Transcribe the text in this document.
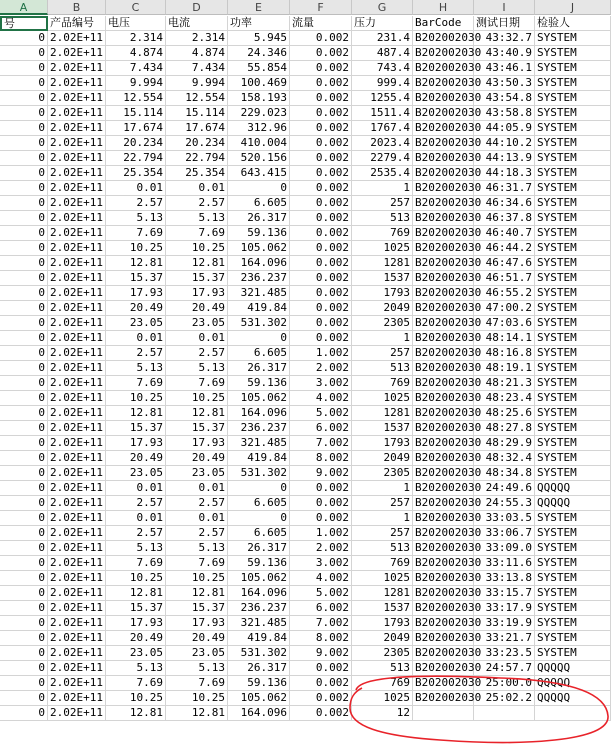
A	B	C	D	E	F	G	H	I	J
号	产品编号	电压	电流	功率	流量	压力	BarCode	测试日期	检验人
0 2.02E+11	2.314	2.314	5.945	0.002	231.4 B202002030 43:32.7 SYSTEM
0 2.02E+11	4.874	4.874	24.346	0.002	487.4 B202002030 43:40.9 SYSTEM
0 2.02E+11	7.434	7.434	55.854	0.002	743.4 B202002030 43:46.1 SYSTEM
0 2.02E+11	9.994	9.994	100.469	0.002	999.4 B202002030 43:50.3 SYSTEM
0 2.02E+11	12.554	12.554	158.193	0.002	1255.4 B202002030 43:54.8 SYSTEM
0 2.02E+11	15.114	15.114	229.023	0.002	1511.4 B202002030 43:58.8 SYSTEM
0 2.02E+11	17.674	17.674	312.96	0.002	1767.4 B202002030 44:05.9 SYSTEM
0 2.02E+11	20.234	20.234	410.004	0.002	2023.4 B202002030 44:10.2 SYSTEM
0 2.02E+11	22.794	22.794	520.156	0.002	2279.4 B202002030 44:13.9 SYSTEM
0 2.02E+11	25.354	25.354	643.415	0.002	2535.4 B202002030 44:18.3 SYSTEM
0 2.02E+11	0.01	0.01	0	0.002	1 B202002030 46:31.7 SYSTEM
0 2.02E+11	2.57	2.57	6.605	0.002	257 B202002030 46:34.6 SYSTEM
0 2.02E+11	5.13	5.13	26.317	0.002	513 B202002030 46:37.8 SYSTEM
0 2.02E+11	7.69	7.69	59.136	0.002	769 B202002030 46:40.7 SYSTEM
0 2.02E+11	10.25	10.25	105.062	0.002	1025 B202002030 46:44.2 SYSTEM
0 2.02E+11	12.81	12.81	164.096	0.002	1281 B202002030 46:47.6 SYSTEM
0 2.02E+11	15.37	15.37	236.237	0.002	1537 B202002030 46:51.7 SYSTEM
0 2.02E+11	17.93	17.93	321.485	0.002	1793 B202002030 46:55.2 SYSTEM
0 2.02E+11	20.49	20.49	419.84	0.002	2049 B202002030 47:00.2 SYSTEM
0 2.02E+11	23.05	23.05	531.302	0.002	2305 B202002030 47:03.6 SYSTEM
0 2.02E+11	0.01	0.01	0	0.002	1 B202002030 48:14.1 SYSTEM
0 2.02E+11	2.57	2.57	6.605	1.002	257 B202002030 48:16.8 SYSTEM
0 2.02E+11	5.13	5.13	26.317	2.002	513 B202002030 48:19.1 SYSTEM
0 2.02E+11	7.69	7.69	59.136	3.002	769 B202002030 48:21.3 SYSTEM
0 2.02E+11	10.25	10.25	105.062	4.002	1025 B202002030 48:23.4 SYSTEM
0 2.02E+11	12.81	12.81	164.096	5.002	1281 B202002030 48:25.6 SYSTEM
0 2.02E+11	15.37	15.37	236.237	6.002	1537 B202002030 48:27.8 SYSTEM
0 2.02E+11	17.93	17.93	321.485	7.002	1793 B202002030 48:29.9 SYSTEM
0 2.02E+11	20.49	20.49	419.84	8.002	2049 B202002030 48:32.4 SYSTEM
0 2.02E+11	23.05	23.05	531.302	9.002	2305 B202002030 48:34.8 SYSTEM
0 2.02E+11	0.01	0.01	0	0.002	1 B202002030 24:49.6 QQQQQ
0 2.02E+11	2.57	2.57	6.605	0.002	257 B202002030 24:55.3 QQQQQ
0 2.02E+11	0.01	0.01	0	0.002	1 B202002030 33:03.5 SYSTEM
0 2.02E+11	2.57	2.57	6.605	1.002	257 B202002030 33:06.7 SYSTEM
0 2.02E+11	5.13	5.13	26.317	2.002	513 B202002030 33:09.0 SYSTEM
0 2.02E+11	7.69	7.69	59.136	3.002	769 B202002030 33:11.6 SYSTEM
0 2.02E+11	10.25	10.25	105.062	4.002	1025 B202002030 33:13.8 SYSTEM
0 2.02E+11	12.81	12.81	164.096	5.002	1281 B202002030 33:15.7 SYSTEM
0 2.02E+11	15.37	15.37	236.237	6.002	1537 B202002030 33:17.9 SYSTEM
0 2.02E+11	17.93	17.93	321.485	7.002	1793 B202002030 33:19.9 SYSTEM
0 2.02E+11	20.49	20.49	419.84	8.002	2049 B202002030 33:21.7 SYSTEM
0 2.02E+11	23.05	23.05	531.302	9.002	2305 B202002030 33:23.5 SYSTEM
0 2.02E+11	5.13	5.13	26.317	0.002	513 B202002030 24:57.7 QQQQQ
0 2.02E+11	7.69	7.69	59.136	0.002	769 B202002030 25:00.0 QQQQQ
0 2.02E+11	10.25	10.25	105.062	0.002	1025 B202002030 25:02.2 QQQQQ
0 2.02E+11	12.81	12.81	164.096	0.002	12
